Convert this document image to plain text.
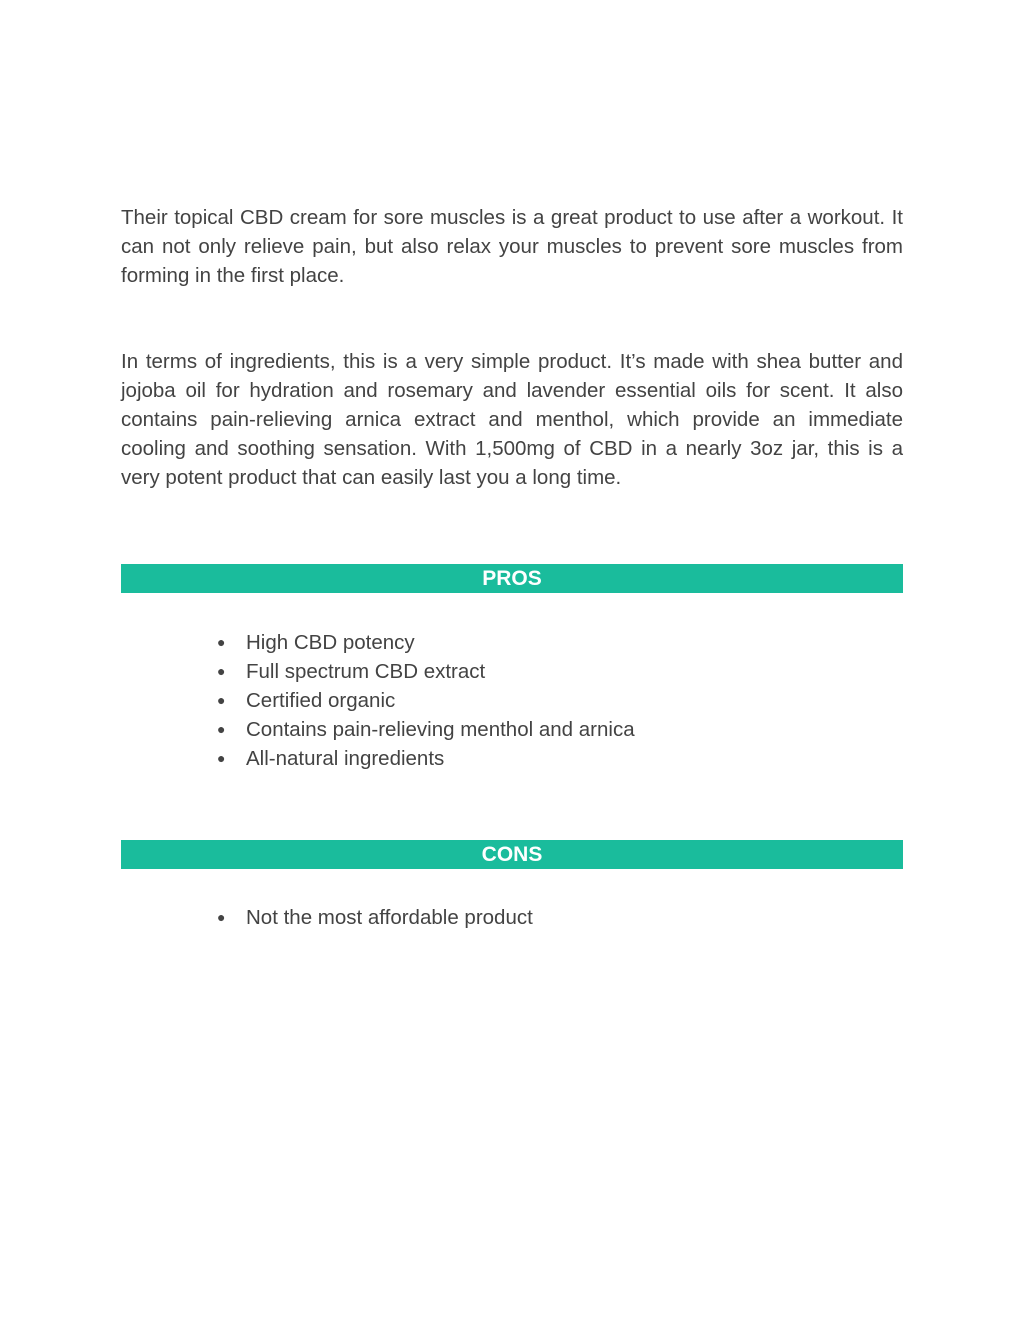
Their topical CBD cream for sore muscles is a great product to use after a workout. It can not only relieve pain, but also relax your muscles to prevent sore muscles from forming in the first place.

In terms of ingredients, this is a very simple product. It’s made with shea butter and jojoba oil for hydration and rosemary and lavender essential oils for scent. It also contains pain-relieving arnica extract and menthol, which provide an immediate cooling and soothing sensation. With 1,500mg of CBD in a nearly 3oz jar, this is a very potent product that can easily last you a long time.

PROS
● High CBD potency
● Full spectrum CBD extract
● Certified organic
● Contains pain-relieving menthol and arnica
● All-natural ingredients
CONS
● Not the most affordable product
